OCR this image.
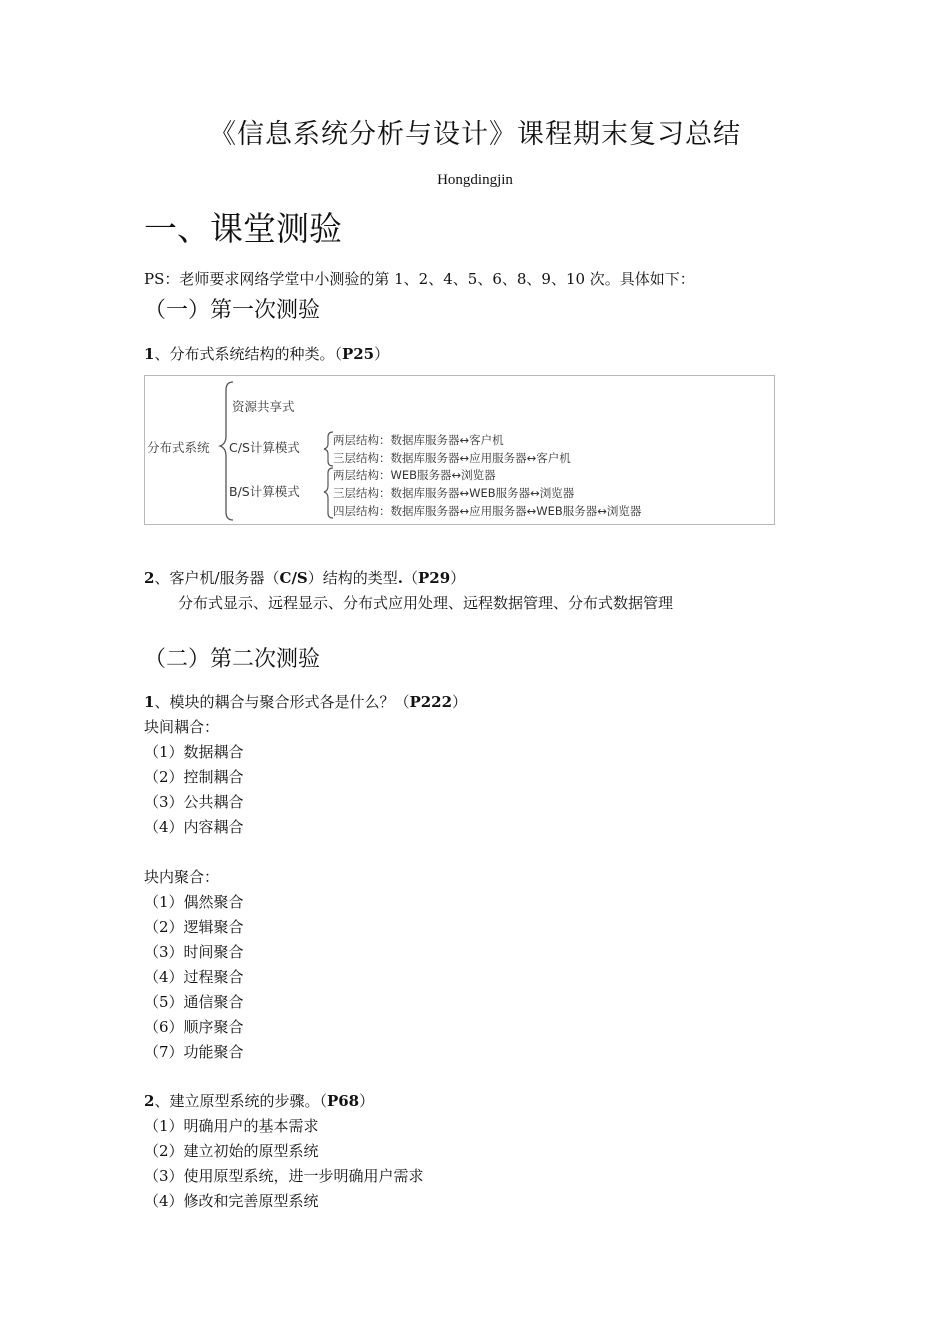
《信息系统分析与设计》课程期末复习总结
Hongdingjin
一、课堂测验
PS：老师要求网络学堂中小测验的第 1、2、4、5、6、8、9、10 次。具体如下：
（一）第一次测验
1、分布式系统结构的种类。（P25）
分布式系统
资源共享式
C/S计算模式
B/S计算模式
两层结构：数据库服务器↔客户机
三层结构：数据库服务器↔应用服务器↔客户机
两层结构：WEB服务器↔浏览器
三层结构：数据库服务器↔WEB服务器↔浏览器
四层结构：数据库服务器↔应用服务器↔WEB服务器↔浏览器
2、客户机/服务器（C/S）结构的类型.（P29）
分布式显示、远程显示、分布式应用处理、远程数据管理、分布式数据管理
（二）第二次测验
1、模块的耦合与聚合形式各是什么？（P222）
块间耦合：
（1）数据耦合
（2）控制耦合
（3）公共耦合
（4）内容耦合
块内聚合：
（1）偶然聚合
（2）逻辑聚合
（3）时间聚合
（4）过程聚合
（5）通信聚合
（6）顺序聚合
（7）功能聚合
2、建立原型系统的步骤。（P68）
（1）明确用户的基本需求
（2）建立初始的原型系统
（3）使用原型系统，进一步明确用户需求
（4）修改和完善原型系统
